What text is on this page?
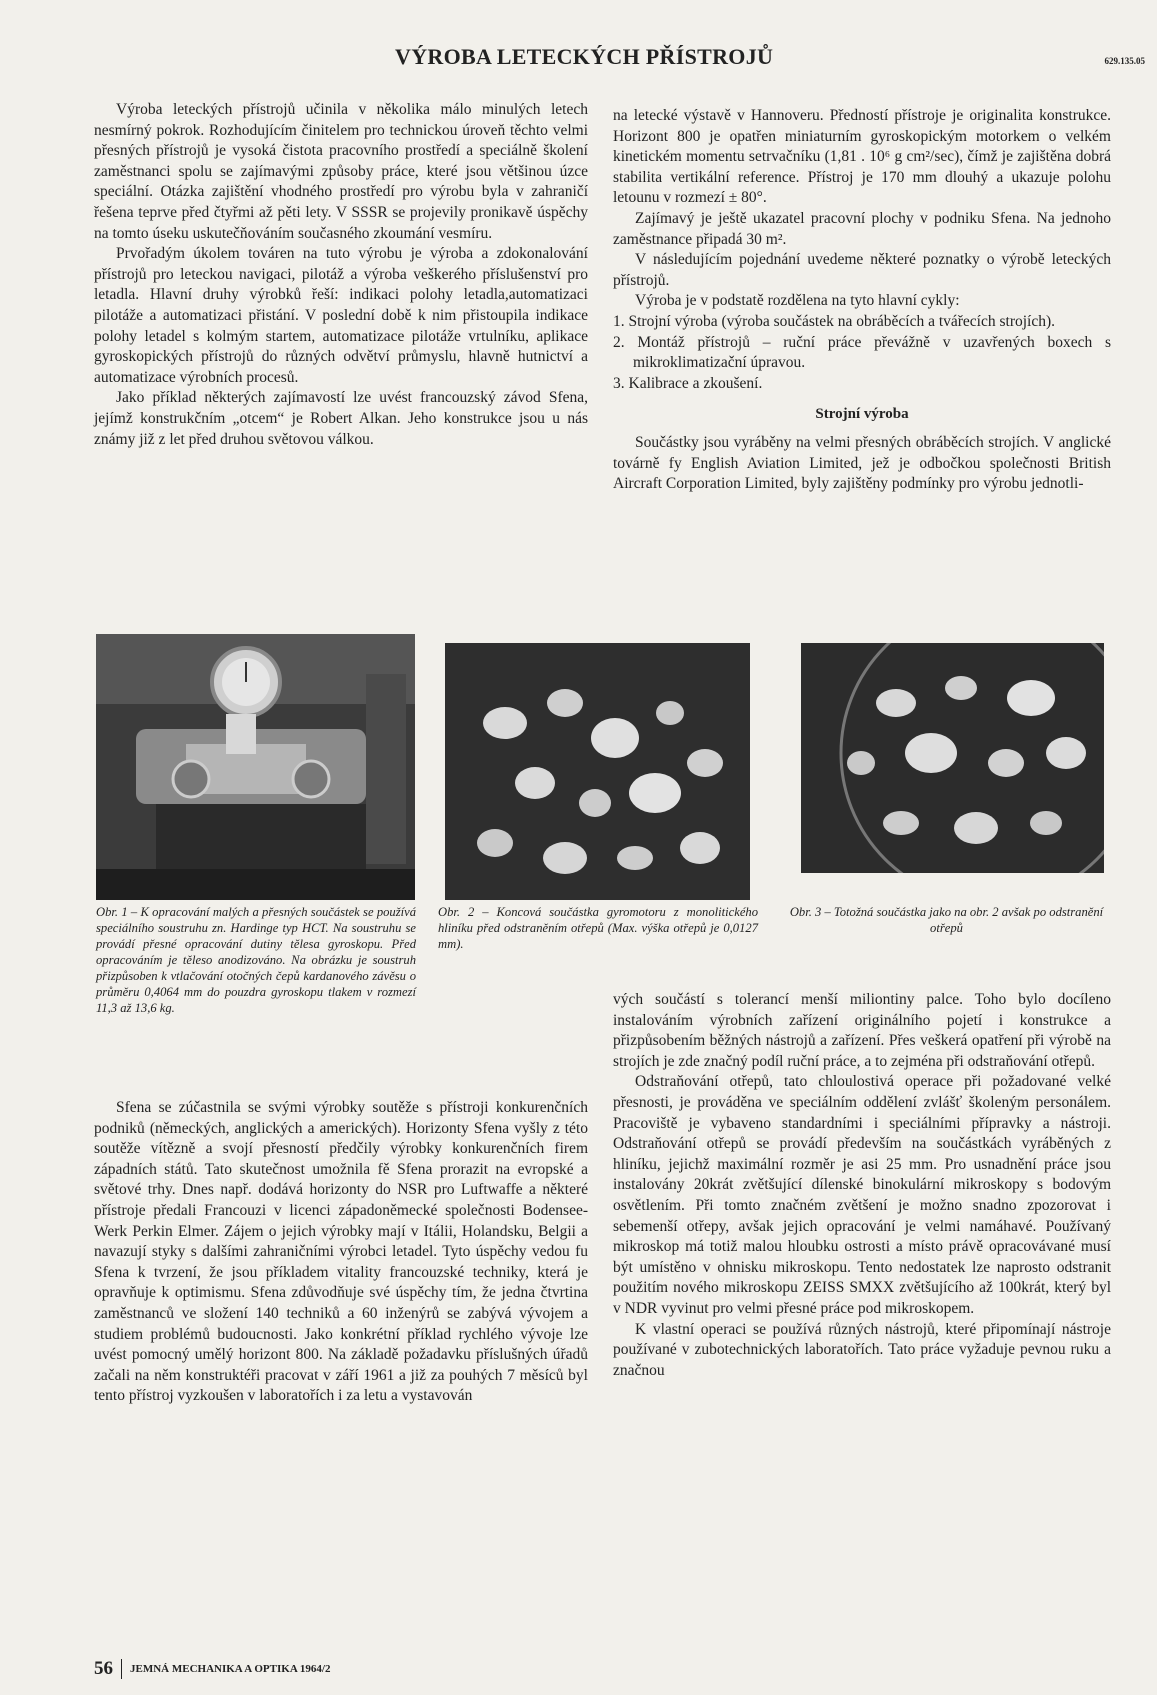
VÝROBA LETECKÝCH PŘÍSTROJŮ	629.135.05

Výroba leteckých přístrojů učinila v několika málo minulých letech nesmírný pokrok. Rozhodujícím činitelem pro technickou úroveň těchto velmi přesných přístrojů je vysoká čistota pracovního prostředí a speciálně školení zaměstnanci spolu se zajímavými způsoby práce, které jsou většinou úzce speciální. Otázka zajištění vhodného prostředí pro výrobu byla v zahraničí řešena teprve před čtyřmi až pěti lety. V SSSR se projevily pronikavě úspěchy na tomto úseku uskutečňováním současného zkoumání vesmíru.

Prvořadým úkolem továren na tuto výrobu je výroba a zdokonalování přístrojů pro leteckou navigaci, pilotáž a výroba veškerého příslušenství pro letadla. Hlavní druhy výrobků řeší: indikaci polohy letadla,automatizaci pilotáže a automatizaci přistání. V poslední době k nim přistoupila indikace polohy letadel s kolmým startem, automatizace pilotáže vrtulníku, aplikace gyroskopických přístrojů do různých odvětví průmyslu, hlavně hutnictví a automatizace výrobních procesů.

Jako příklad některých zajímavostí lze uvést francouzský závod Sfena, jejímž konstrukčním „otcem“ je Robert Alkan. Jeho konstrukce jsou u nás známy již z let před druhou světovou válkou.

na letecké výstavě v Hannoveru. Předností přístroje je originalita konstrukce. Horizont 800 je opatřen miniaturním gyroskopickým motorkem o velkém kinetickém momentu setrvačníku (1,81 . 10⁶ g cm²/sec), čímž je zajištěna dobrá stabilita vertikální reference. Přístroj je 170 mm dlouhý a ukazuje polohu letounu v rozmezí ± 80°.

Zajímavý je ještě ukazatel pracovní plochy v podniku Sfena. Na jednoho zaměstnance připadá 30 m².

V následujícím pojednání uvedeme některé poznatky o výrobě leteckých přístrojů.

Výroba je v podstatě rozdělena na tyto hlavní cykly:

1. Strojní výroba (výroba součástek na obráběcích a tvářecích strojích).
2. Montáž přístrojů – ruční práce převážně v uzavřených boxech s mikroklimatizační úpravou.
3. Kalibrace a zkoušení.
Strojní výroba

Součástky jsou vyráběny na velmi přesných obráběcích strojích. V anglické továrně fy English Aviation Limited, jež je odbočkou společnosti British Aircraft Corporation Limited, byly zajištěny podmínky pro výrobu jednotli-

Obr. 1 – K opracování malých a přesných součástek se používá speciálního soustruhu zn. Hardinge typ HCT. Na soustruhu se provádí přesné opracování dutiny tělesa gyroskopu. Před opracováním je těleso anodizováno. Na obrázku je soustruh přizpůsoben k vtlačování otočných čepů kardanového závěsu o průměru 0,4064 mm do pouzdra gyroskopu tlakem v rozmezí 11,3 až 13,6 kg.

Obr. 2 – Koncová součástka gyromotoru z monolitického hliníku před odstraněním otřepů (Max. výška otřepů je 0,0127 mm).

Obr. 3 – Totožná součástka jako na obr. 2 avšak po odstranění otřepů

Sfena se zúčastnila se svými výrobky soutěže s přístroji konkurenčních podniků (německých, anglických a amerických). Horizonty Sfena vyšly z této soutěže vítězně a svojí přesností předčily výrobky konkurenčních firem západních států. Tato skutečnost umožnila fě Sfena prorazit na evropské a světové trhy. Dnes např. dodává horizonty do NSR pro Luftwaffe a některé přístroje předali Francouzi v licenci západoněmecké společnosti Bodensee-Werk Perkin Elmer. Zájem o jejich výrobky mají v Itálii, Holandsku, Belgii a navazují styky s dalšími zahraničními výrobci letadel. Tyto úspěchy vedou fu Sfena k tvrzení, že jsou příkladem vitality francouzské techniky, která je opravňuje k optimismu. Sfena zdůvodňuje své úspěchy tím, že jedna čtvrtina zaměstnanců ve složení 140 techniků a 60 inženýrů se zabývá vývojem a studiem problémů budoucnosti. Jako konkrétní příklad rychlého vývoje lze uvést pomocný umělý horizont 800. Na základě požadavku příslušných úřadů začali na něm konstruktéři pracovat v září 1961 a již za pouhých 7 měsíců byl tento přístroj vyzkoušen v laboratořích i za letu a vystavován

vých součástí s tolerancí menší miliontiny palce. Toho bylo docíleno instalováním výrobních zařízení originálního pojetí i konstrukce a přizpůsobením běžných nástrojů a zařízení. Přes veškerá opatření při výrobě na strojích je zde značný podíl ruční práce, a to zejména při odstraňování otřepů.

Odstraňování otřepů, tato chloulostivá operace při požadované velké přesnosti, je prováděna ve speciálním oddělení zvlášť školeným personálem. Pracoviště je vybaveno standardními i speciálními přípravky a nástroji. Odstraňování otřepů se provádí především na součástkách vyráběných z hliníku, jejichž maximální rozměr je asi 25 mm. Pro usnadnění práce jsou instalovány 20krát zvětšující dílenské binokulární mikroskopy s bodovým osvětlením. Při tomto značném zvětšení je možno snadno zpozorovat i sebemenší otřepy, avšak jejich opracování je velmi namáhavé. Používaný mikroskop má totiž malou hloubku ostrosti a místo právě opracovávané musí být umístěno v ohnisku mikroskopu. Tento nedostatek lze naprosto odstranit použitím nového mikroskopu ZEISS SMXX zvětšujícího až 100krát, který byl v NDR vyvinut pro velmi přesné práce pod mikroskopem.

K vlastní operaci se používá různých nástrojů, které připomínají nástroje používané v zubotechnických laboratořích. Tato práce vyžaduje pevnou ruku a značnou

56 JEMNÁ MECHANIKA A OPTIKA 1964/2
